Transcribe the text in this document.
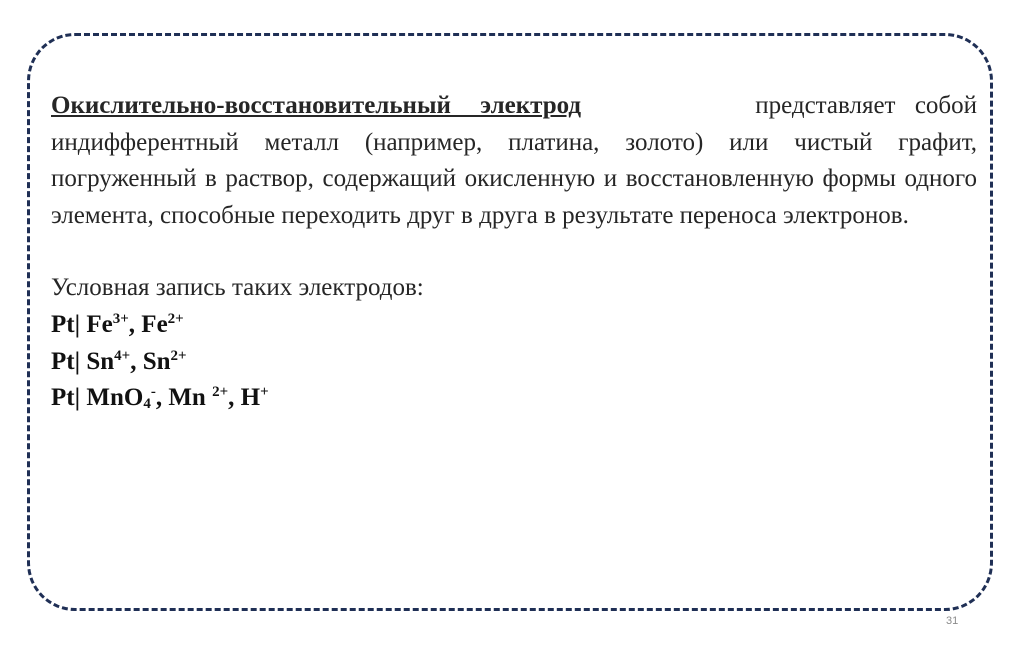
Окислительно-восстановительный электрод	представляет собой индифферентный металл (например, платина, золото) или чистый графит, погруженный в раствор, содержащий окисленную и восстановленную формы одного элемента, способные переходить друг в друга в результате переноса электронов.

Условная запись таких электродов:

Pt| $Fe^{3+}$, $Fe^{2+}$

Pt| $Sn^{4+}$, $Sn^{2+}$

Pt| MnO$_4$-, Mn $^{2+}$, H+

31
